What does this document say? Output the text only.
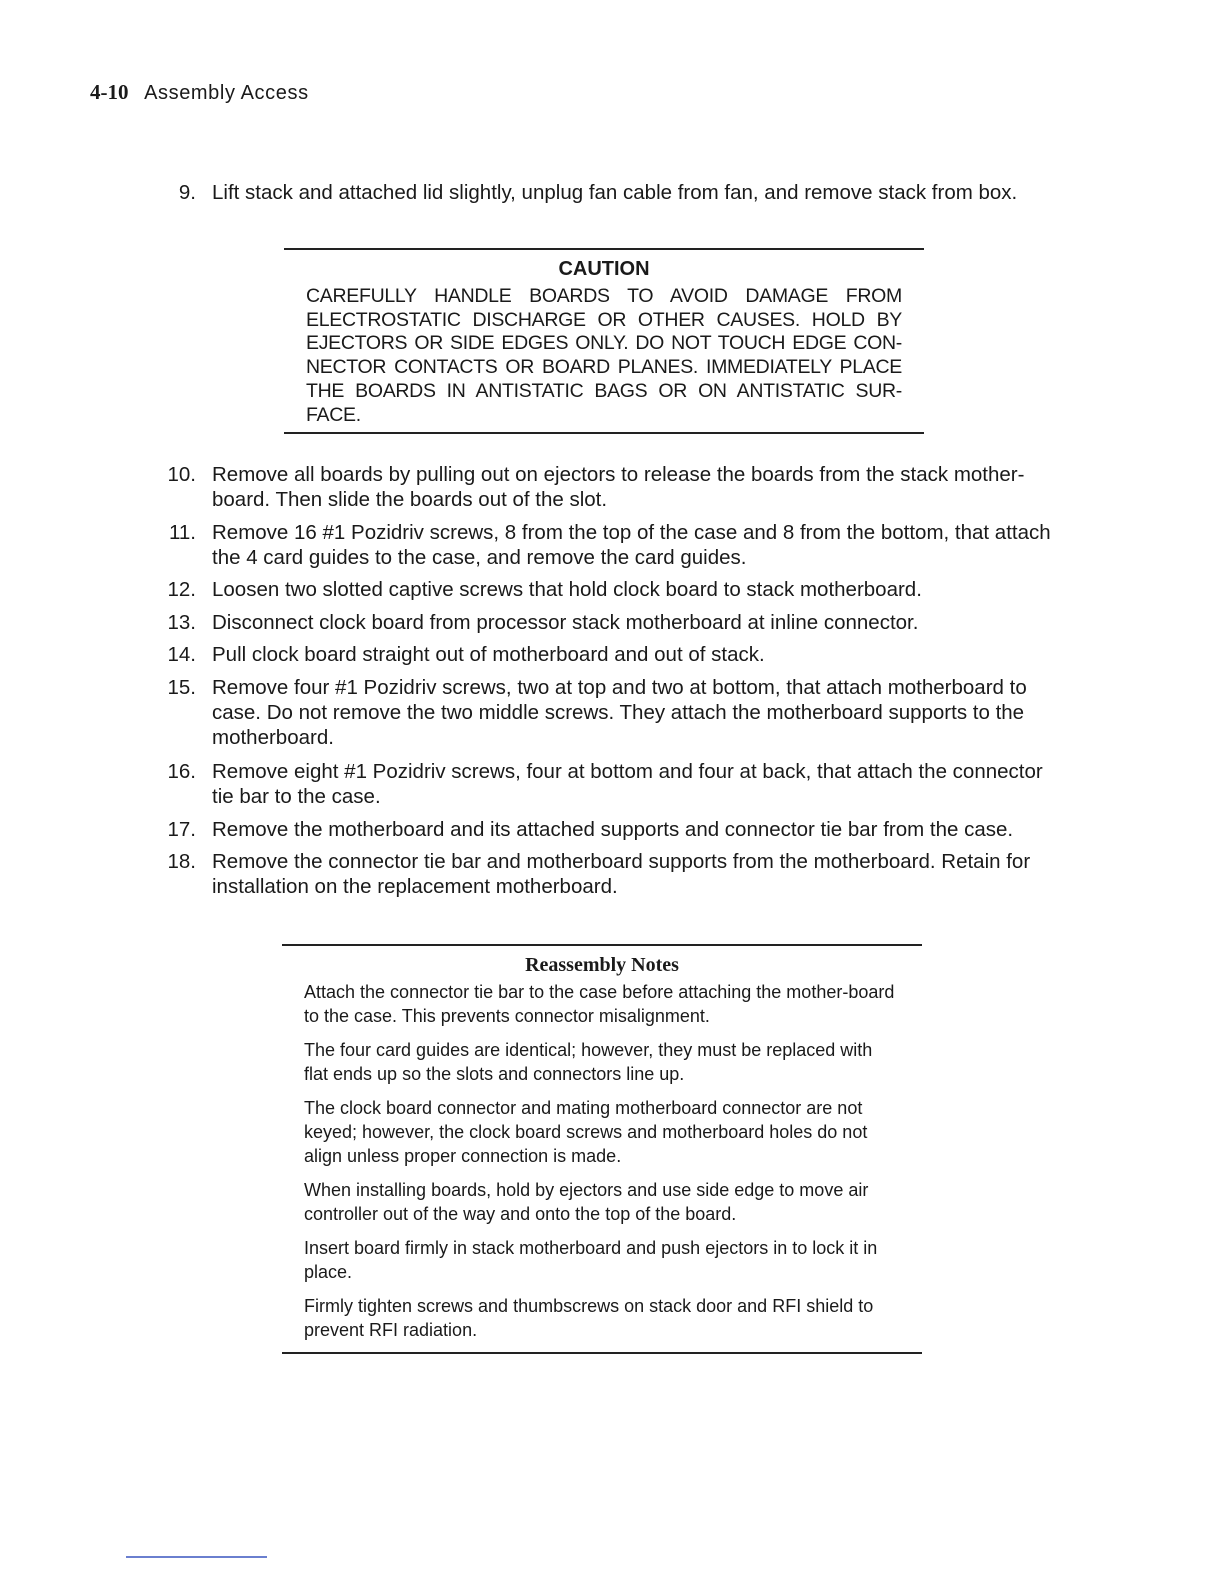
4-10 Assembly Access
9. Lift stack and attached lid slightly, unplug fan cable from fan, and remove stack from box.
CAUTION
CAREFULLY HANDLE BOARDS TO AVOID DAMAGE FROM ELECTROSTATIC DISCHARGE OR OTHER CAUSES. HOLD BY EJECTORS OR SIDE EDGES ONLY. DO NOT TOUCH EDGE CON-NECTOR CONTACTS OR BOARD PLANES. IMMEDIATELY PLACE THE BOARDS IN ANTISTATIC BAGS OR ON ANTISTATIC SUR-FACE.
10. Remove all boards by pulling out on ejectors to release the boards from the stack mother-board. Then slide the boards out of the slot.
11. Remove 16 #1 Pozidriv screws, 8 from the top of the case and 8 from the bottom, that attach the 4 card guides to the case, and remove the card guides.
12. Loosen two slotted captive screws that hold clock board to stack motherboard.
13. Disconnect clock board from processor stack motherboard at inline connector.
14. Pull clock board straight out of motherboard and out of stack.
15. Remove four #1 Pozidriv screws, two at top and two at bottom, that attach motherboard to case. Do not remove the two middle screws. They attach the motherboard supports to the motherboard.
16. Remove eight #1 Pozidriv screws, four at bottom and four at back, that attach the connector tie bar to the case.
17. Remove the motherboard and its attached supports and connector tie bar from the case.
18. Remove the connector tie bar and motherboard supports from the motherboard. Retain for installation on the replacement motherboard.
Reassembly Notes

Attach the connector tie bar to the case before attaching the mother-board to the case. This prevents connector misalignment.

The four card guides are identical; however, they must be replaced with flat ends up so the slots and connectors line up.

The clock board connector and mating motherboard connector are not keyed; however, the clock board screws and motherboard holes do not align unless proper connection is made.

When installing boards, hold by ejectors and use side edge to move air controller out of the way and onto the top of the board.

Insert board firmly in stack motherboard and push ejectors in to lock it in place.

Firmly tighten screws and thumbscrews on stack door and RFI shield to prevent RFI radiation.
